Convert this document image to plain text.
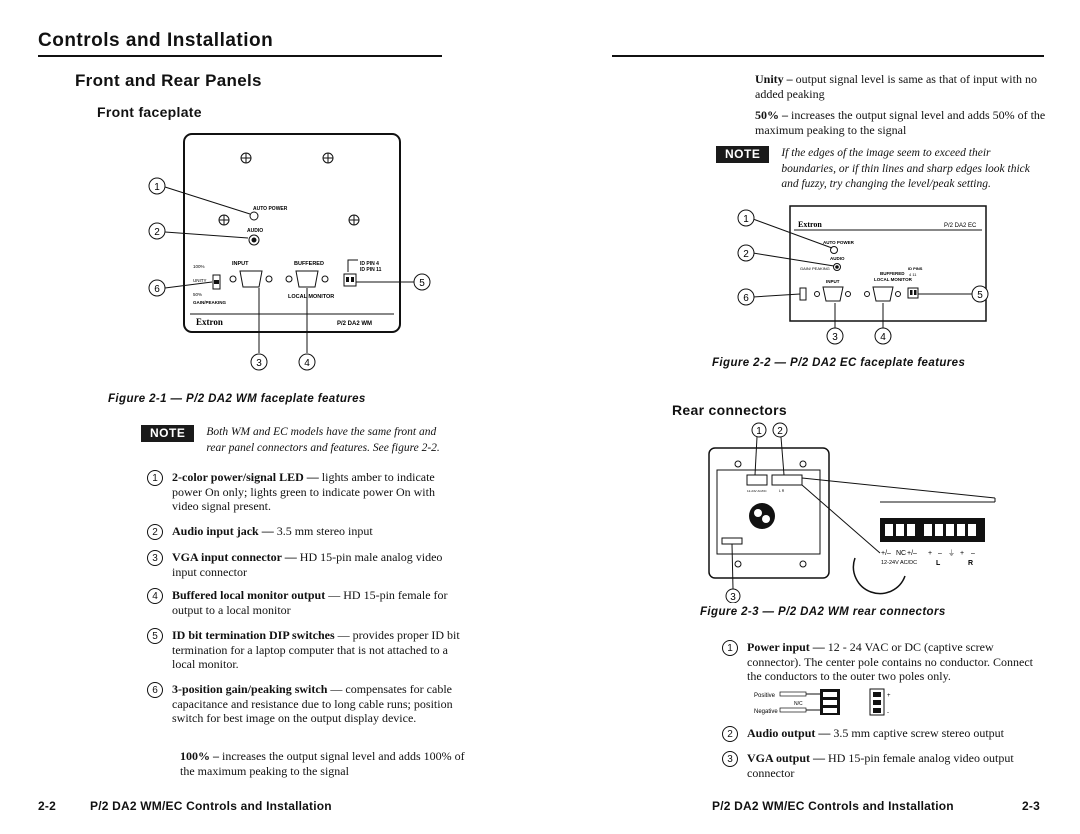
Controls and Installation
Front and Rear Panels
Front faceplate
AUTO POWER
AUDIO
INPUT	BUFFERED
LOCAL MONITOR
ID PIN 4
ID PIN 11
100%
UNITY
50%
GAIN/PEAKING
Extron	P/2 DA2 WM
1
2
6
5
3	4
Figure 2-1 — P/2 DA2 WM faceplate features
NOTE	Both WM and EC models have the same front and rear panel connectors and features. See figure 2-2.
1	2-color power/signal LED — lights amber to indicate power On only; lights green to indicate power On with video signal present.
2	Audio input jack — 3.5 mm stereo input
3	VGA input connector — HD 15-pin male analog video input connector
4	Buffered local monitor output — HD 15-pin female for output to a local monitor
5	ID bit termination DIP switches — provides proper ID bit termination for a laptop computer that is not attached to a local monitor.
6	3-position gain/peaking switch — compensates for cable capacitance and resistance due to long cable runs; position switch for best image on the output display device.
100% – increases the output signal level and adds 100% of the maximum peaking to the signal
Unity – output signal level is same as that of input with no added peaking
50% – increases the output signal level and adds 50% of the maximum peaking to the signal
NOTE	If the edges of the image seem to exceed their boundaries, or if thin lines and sharp edges look thick and fuzzy, try changing the level/peak setting.
Extron	P/2 DA2 EC
AUTO POWER
AUDIO
GAIN/ PEAKING
INPUT
BUFFERED
LOCAL MONITOR
ID PINS
4 11
1
2
6	5
3	4
Figure 2-2 — P/2 DA2 EC faceplate features
Rear connectors
12-24V AC/DC	L R
1 2
3
+/– NC +/– + – ⏚ + –
12-24V AC/DC	L	R
Figure 2-3 — P/2 DA2 WM rear connectors
1	Power input — 12 - 24 VAC or DC (captive screw connector). The center pole contains no conductor. Connect the conductors to the outer two poles only.
Positive
Negative
N/C
+
-
2	Audio output — 3.5 mm captive screw stereo output
3	VGA output — HD 15-pin female analog video output connector
2-2	P/2 DA2 WM/EC Controls and Installation	P/2 DA2 WM/EC Controls and Installation	2-3
